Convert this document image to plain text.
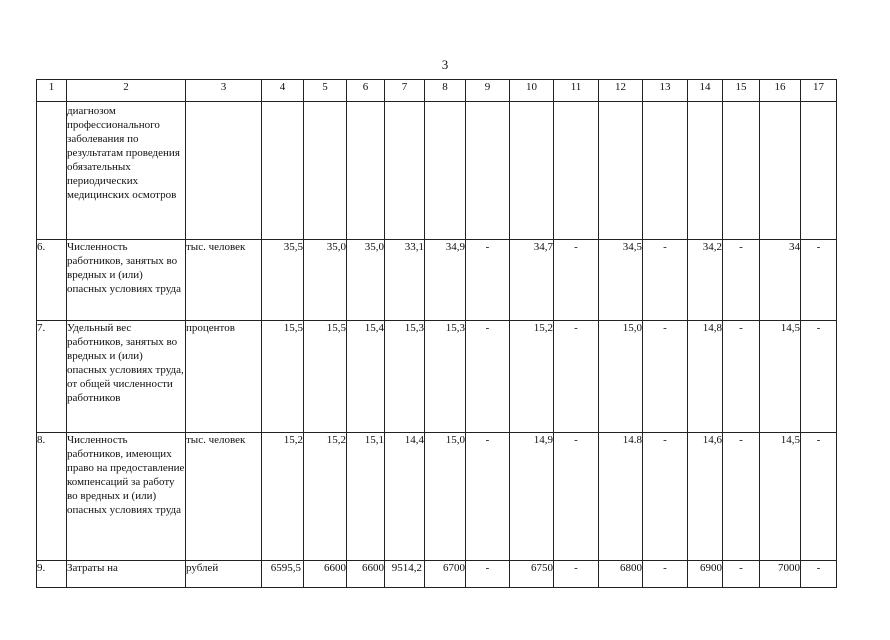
3
1	2	3	4	5	6	7	8	9	10	11	12	13	14	15	16	17
	диагнозом профессионального заболевания по результатам проведения обязательных периодических медицинских осмотров															
6.	Численность работников, занятых во вредных и (или) опасных условиях труда	тыс. человек	35,5	35,0	35,0	33,1	34,9	-	34,7	-	34,5	-	34,2	-	34	-
7.	Удельный вес работников, занятых во вредных и (или) опасных условиях труда, от общей численности работников	процентов	15,5	15,5	15,4	15,3	15,3	-	15,2	-	15,0	-	14,8	-	14,5	-
8.	Численность работников, имеющих право на предоставление компенсаций за работу во вредных и (или) опасных условиях труда	тыс. человек	15,2	15,2	15,1	14,4	15,0	-	14,9	-	14.8	-	14,6	-	14,5	-
9.	Затраты на	рублей	6595,5	6600	6600	9514,2	6700	-	6750	-	6800	-	6900	-	7000	-
